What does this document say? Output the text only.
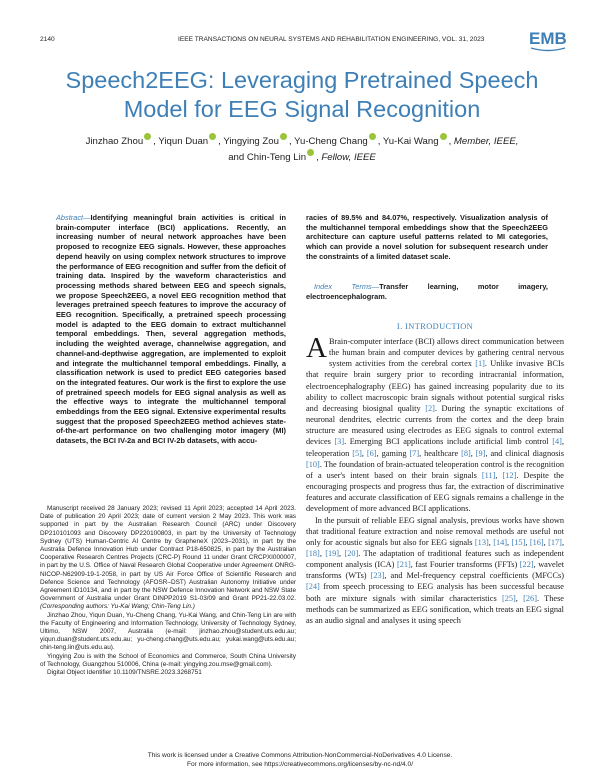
2140	IEEE TRANSACTIONS ON NEURAL SYSTEMS AND REHABILITATION ENGINEERING, VOL. 31, 2023	EMB
Speech2EEG: Leveraging Pretrained Speech
Model for EEG Signal Recognition
Jinzhao Zhou , Yiqun Duan , Yingying Zou , Yu-Cheng Chang , Yu-Kai Wang , Member, IEEE,
and Chin-Teng Lin , Fellow, IEEE
Abstract—Identifying meaningful brain activities is critical in brain-computer interface (BCI) applications. Recently, an increasing number of neural network approaches have been proposed to recognize EEG signals. However, these approaches depend heavily on using complex network structures to improve the performance of EEG recognition and suffer from the deficit of training data. Inspired by the waveform characteristics and processing methods shared between EEG and speech signals, we propose Speech2EEG, a novel EEG recognition method that leverages pretrained speech features to improve the accuracy of EEG recognition. Specifically, a pretrained speech processing model is adapted to the EEG domain to extract multichannel temporal embeddings. Then, several aggregation methods, including the weighted average, channelwise aggregation, and channel-and-depthwise aggregation, are implemented to exploit and integrate the multichannel temporal embeddings. Finally, a classification network is used to predict EEG categories based on the integrated features. Our work is the first to explore the use of pretrained speech models for EEG signal analysis as well as the effective ways to integrate the multichannel temporal embeddings from the EEG signal. Extensive experimental results suggest that the proposed Speech2EEG method achieves state-of-the-art performance on two challenging motor imagery (MI) datasets, the BCI IV-2a and BCI IV-2b datasets, with accu-
racies of 89.5% and 84.07%, respectively. Visualization analysis of the multichannel temporal embeddings show that the Speech2EEG architecture can capture useful patterns related to MI categories, which can provide a novel solution for subsequent research under the constraints of a limited dataset scale.
Index Terms—Transfer learning, motor imagery, electroencephalogram.

Manuscript received 28 January 2023; revised 11 April 2023; accepted 14 April 2023. Date of publication 20 April 2023; date of current version 2 May 2023. This work was supported in part by the Australian Research Council (ARC) under Discovery DP210101093 and Discovery DP220100803, in part by the University of Technology Sydney (UTS) Human-Centric AI Centre by GrapheneX (2023–2031), in part by the Australia Defence Innovation Hub under Contract P18-650825, in part by the Australian Cooperative Research Centres Projects (CRC-P) Round 11 under Grant CRCPXI000007, in part by the U.S. Office of Naval Research Global Cooperative under Agreement ONRG-NICOP-N62909-19-1-2058, in part by US Air Force Office of Scientific Research and Defence Science and Technology (AFOSR–DST) Australian Autonomy Initiative under Agreement ID10134, and in part by the NSW Defence Innovation Network and NSW State Government of Australia under Grant DINPP2019 S1-03/09 and Grant PP21-22.03.02. (Corresponding authors: Yu-Kai Wang; Chin-Teng Lin.)

Jinzhao Zhou, Yiqun Duan, Yu-Cheng Chang, Yu-Kai Wang, and Chin-Teng Lin are with the Faculty of Engineering and Information Technology, University of Technology Sydney, Ultimo, NSW 2007, Australia (e-mail: jinzhao.zhou@student.uts.edu.au; yiqun.duan@student.uts.edu.au; yu-cheng.chang@uts.edu.au; yukai.wang@uts.edu.au; chin-teng.lin@uts.edu.au).

Yingying Zou is with the School of Economics and Commerce, South China University of Technology, Guangzhou 510006, China (e-mail: yingying.zou.mse@gmail.com).

Digital Object Identifier 10.1109/TNSRE.2023.3268751

I. INTRODUCTION

A Brain-computer interface (BCI) allows direct communication between the human brain and computer devices by gathering central nervous system activities from the cerebral cortex [1]. Unlike invasive BCIs that require brain surgery prior to recording intracranial information, electroencephalography (EEG) has gained increasing popularity due to its ability to collect macroscopic brain signals without potential surgical risks and decreasing biosignal quality [2]. During the synaptic excitations of neuronal dendrites, electric currents from the cortex and the deep brain structure are measured using electrodes as EEG signals to control external devices [3]. Emerging BCI applications include artificial limb control [4], teleoperation [5], [6], gaming [7], healthcare [8], [9], and clinical diagnosis [10]. The foundation of brain-actuated teleoperation control is the recognition of a user's intent based on their brain signals [11], [12]. Despite the encouraging prospects and progress thus far, the extraction of discriminative features and accurate classification of EEG signals remains a challenge in the development of more advanced BCI applications.

In the pursuit of reliable EEG signal analysis, previous works have shown that traditional feature extraction and noise removal methods are useful not only for acoustic signals but also for EEG signals [13], [14], [15], [16], [17], [18], [19], [20]. The adaptation of traditional features such as independent component analysis (ICA) [21], fast Fourier transforms (FFTs) [22], wavelet transforms (WTs) [23], and Mel-frequency cepstral coefficients (MFCCs) [24] from speech processing to EEG analysis has been successful because both are mixture signals with similar characteristics [25], [26]. These methods can be summarized as EEG sonification, which treats an EEG signal as an audio signal and analyses it using speech

This work is licensed under a Creative Commons Attribution-NonCommercial-NoDerivatives 4.0 License.
For more information, see https://creativecommons.org/licenses/by-nc-nd/4.0/
